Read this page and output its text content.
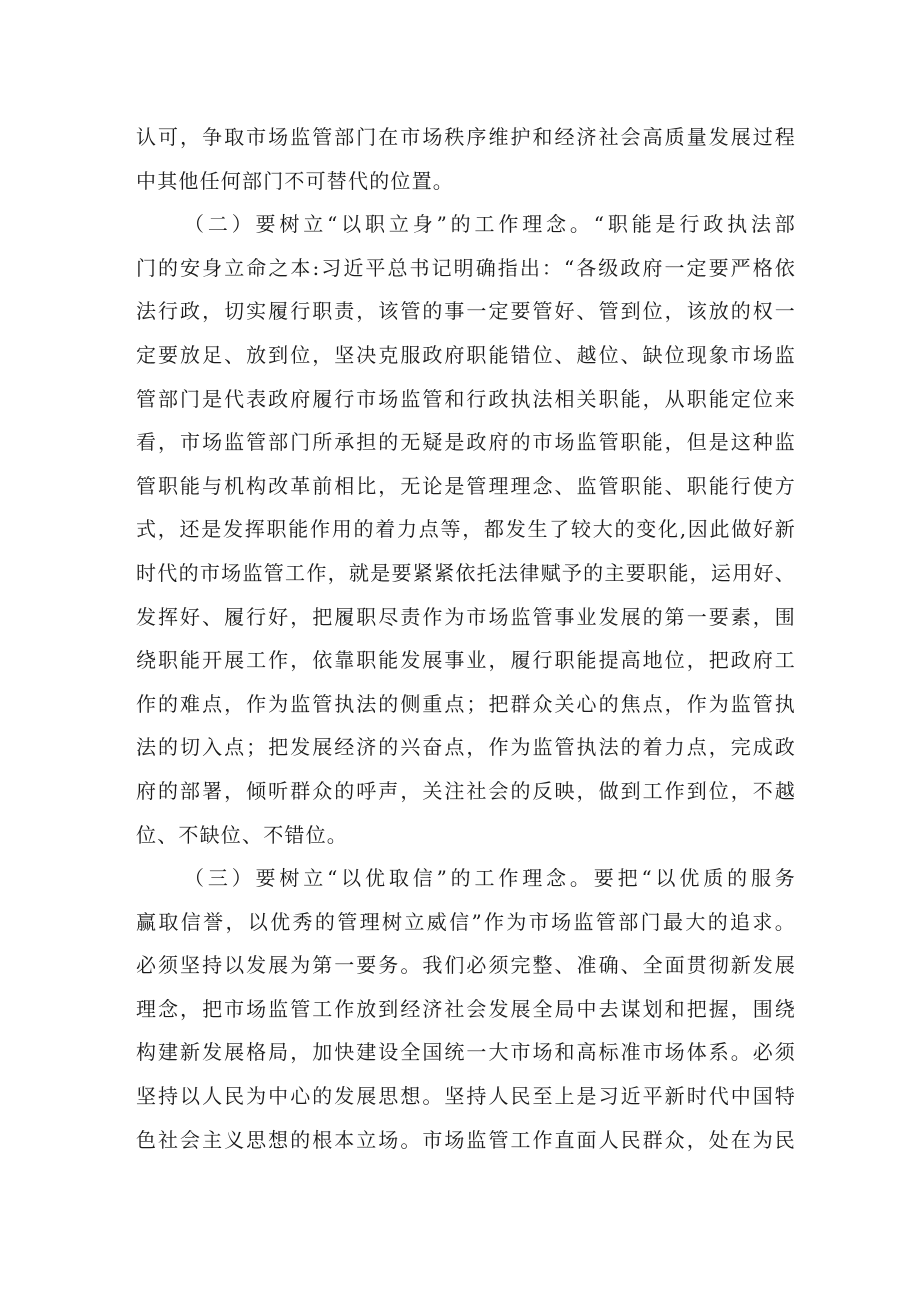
认可，争取市场监管部门在市场秩序维护和经济社会高质量发展过程
中其他任何部门不可替代的位置。
（二）要树立“以职立身”的工作理念。“职能是行政执法部
门的安身立命之本:习近平总书记明确指出：“各级政府一定要严格依
法行政，切实履行职责，该管的事一定要管好、管到位，该放的权一
定要放足、放到位，坚决克服政府职能错位、越位、缺位现象市场监
管部门是代表政府履行市场监管和行政执法相关职能，从职能定位来
看，市场监管部门所承担的无疑是政府的市场监管职能，但是这种监
管职能与机构改革前相比，无论是管理理念、监管职能、职能行使方
式，还是发挥职能作用的着力点等，都发生了较大的变化,因此做好新
时代的市场监管工作，就是要紧紧依托法律赋予的主要职能，运用好、
发挥好、履行好，把履职尽责作为市场监管事业发展的第一要素，围
绕职能开展工作，依靠职能发展事业，履行职能提高地位，把政府工
作的难点，作为监管执法的侧重点；把群众关心的焦点，作为监管执
法的切入点；把发展经济的兴奋点，作为监管执法的着力点，完成政
府的部署，倾听群众的呼声，关注社会的反映，做到工作到位，不越
位、不缺位、不错位。
（三）要树立“以优取信”的工作理念。要把“以优质的服务
赢取信誉，以优秀的管理树立威信”作为市场监管部门最大的追求。
必须坚持以发展为第一要务。我们必须完整、准确、全面贯彻新发展
理念，把市场监管工作放到经济社会发展全局中去谋划和把握，围绕
构建新发展格局，加快建设全国统一大市场和高标准市场体系。必须
坚持以人民为中心的发展思想。坚持人民至上是习近平新时代中国特
色社会主义思想的根本立场。市场监管工作直面人民群众，处在为民
